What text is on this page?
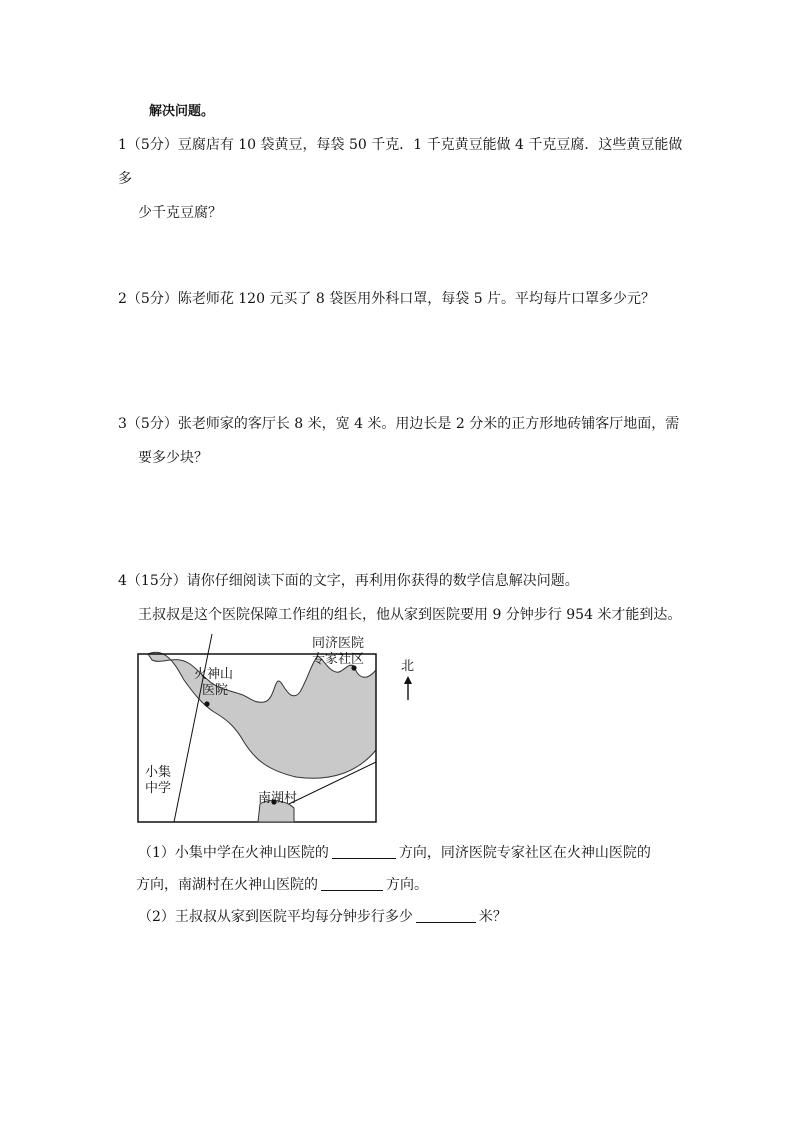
解决问题。
1（5分）豆腐店有 10 袋黄豆，每袋 50 千克．1 千克黄豆能做 4 千克豆腐．这些黄豆能做多
少千克豆腐？
2（5分）陈老师花 120 元买了 8 袋医用外科口罩，每袋 5 片。平均每片口罩多少元？
3（5分）张老师家的客厅长 8 米，宽 4 米。用边长是 2 分米的正方形地砖铺客厅地面，需
要多少块？
4（15分）请你仔细阅读下面的文字，再利用你获得的数学信息解决问题。
王叔叔是这个医院保障工作组的组长，他从家到医院要用 9 分钟步行 954 米才能到达。
同济医院
专家社区
火神山
医院
小集
中学
南湖村
北
（1）小集中学在火神山医院的	方向，同济医院专家社区在火神山医院的
方向，南湖村在火神山医院的	方向。
（2）王叔叔从家到医院平均每分钟步行多少	米？
